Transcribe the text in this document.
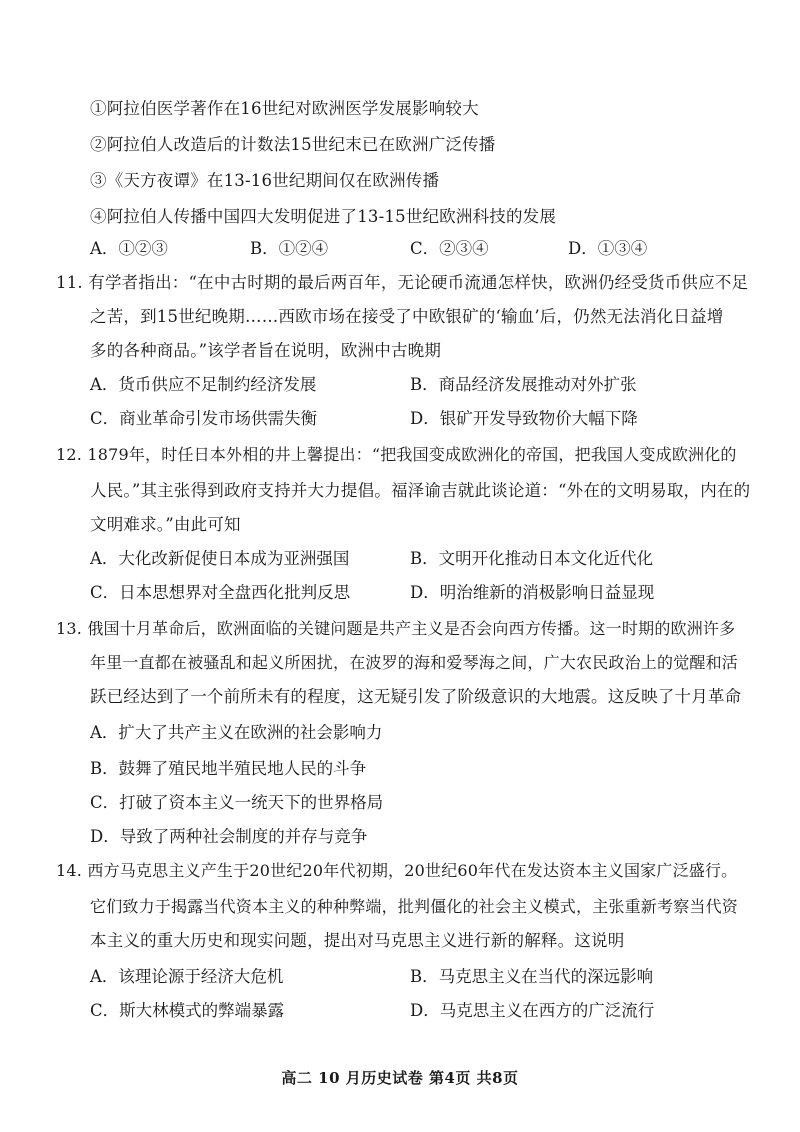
①阿拉伯医学著作在16世纪对欧洲医学发展影响较大
②阿拉伯人改造后的计数法15世纪末已在欧洲广泛传播
③《天方夜谭》在13-16世纪期间仅在欧洲传播
④阿拉伯人传播中国四大发明促进了13-15世纪欧洲科技的发展
A．①②③	B．①②④	C．②③④	D．①③④
11. 有学者指出：“在中古时期的最后两百年，无论硬币流通怎样快，欧洲仍经受货币供应不足
之苦，到15世纪晚期……西欧市场在接受了中欧银矿的‘输血’后，仍然无法消化日益增
多的各种商品。”该学者旨在说明，欧洲中古晚期
A．货币供应不足制约经济发展	B．商品经济发展推动对外扩张
C．商业革命引发市场供需失衡	D．银矿开发导致物价大幅下降
12. 1879年，时任日本外相的井上馨提出：“把我国变成欧洲化的帝国，把我国人变成欧洲化的
人民。”其主张得到政府支持并大力提倡。福泽谕吉就此谈论道：“外在的文明易取，内在的
文明难求。”由此可知
A．大化改新促使日本成为亚洲强国	B．文明开化推动日本文化近代化
C．日本思想界对全盘西化批判反思	D．明治维新的消极影响日益显现
13. 俄国十月革命后，欧洲面临的关键问题是共产主义是否会向西方传播。这一时期的欧洲许多
年里一直都在被骚乱和起义所困扰，在波罗的海和爱琴海之间，广大农民政治上的觉醒和活
跃已经达到了一个前所未有的程度，这无疑引发了阶级意识的大地震。这反映了十月革命
A．扩大了共产主义在欧洲的社会影响力
B．鼓舞了殖民地半殖民地人民的斗争
C．打破了资本主义一统天下的世界格局
D．导致了两种社会制度的并存与竞争
14. 西方马克思主义产生于20世纪20年代初期，20世纪60年代在发达资本主义国家广泛盛行。
它们致力于揭露当代资本主义的种种弊端，批判僵化的社会主义模式，主张重新考察当代资
本主义的重大历史和现实问题，提出对马克思主义进行新的解释。这说明
A．该理论源于经济大危机	B．马克思主义在当代的深远影响
C．斯大林模式的弊端暴露	D．马克思主义在西方的广泛流行
高二 10 月历史试卷 第4页 共8页
